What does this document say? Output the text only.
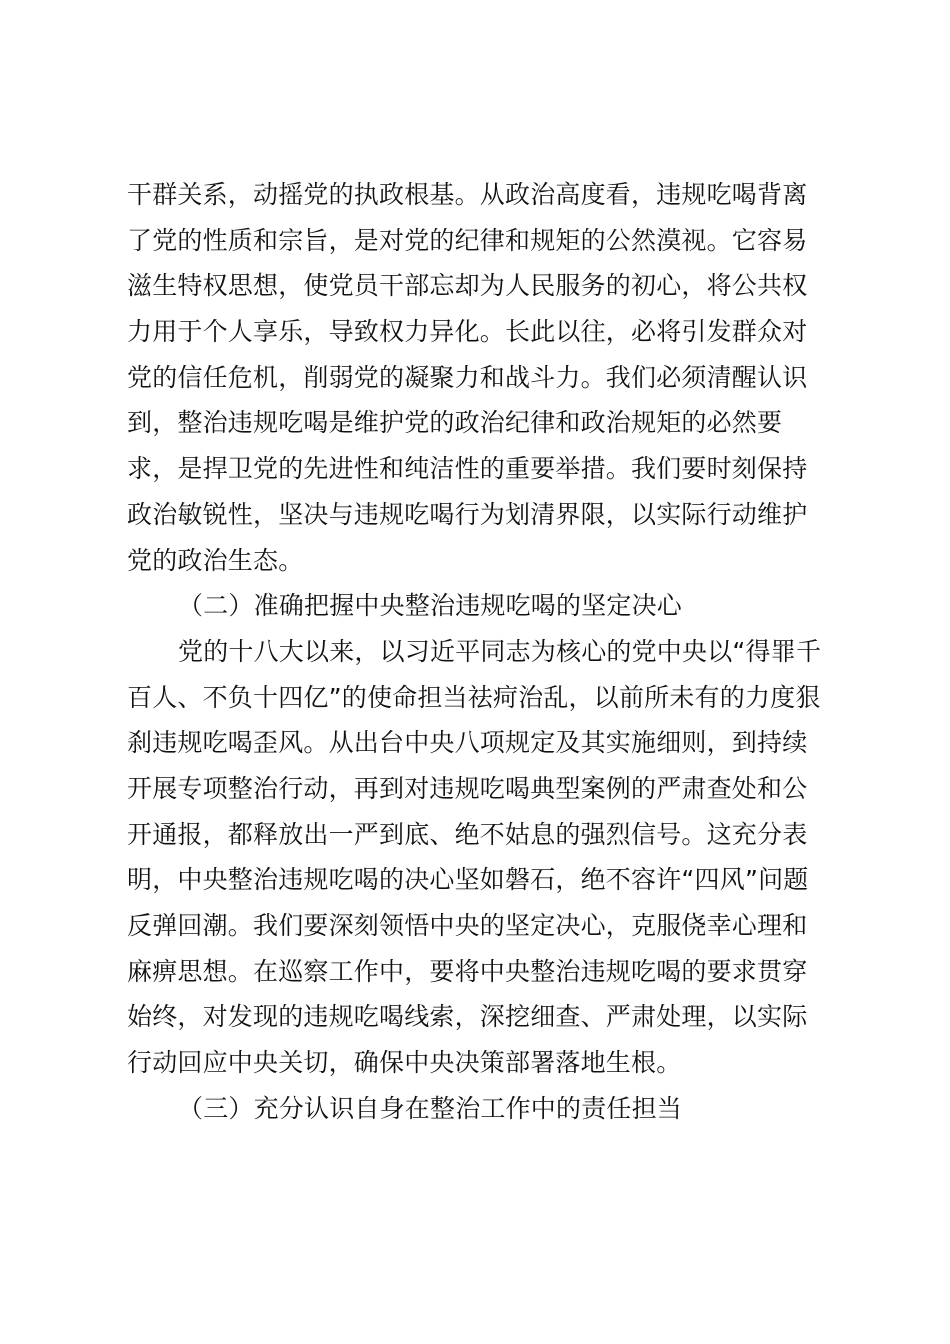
干群关系，动摇党的执政根基。从政治高度看，违规吃喝背离
了党的性质和宗旨，是对党的纪律和规矩的公然漠视。它容易
滋生特权思想，使党员干部忘却为人民服务的初心，将公共权
力用于个人享乐，导致权力异化。长此以往，必将引发群众对
党的信任危机，削弱党的凝聚力和战斗力。我们必须清醒认识
到，整治违规吃喝是维护党的政治纪律和政治规矩的必然要
求，是捍卫党的先进性和纯洁性的重要举措。我们要时刻保持
政治敏锐性，坚决与违规吃喝行为划清界限，以实际行动维护
党的政治生态。
（二）准确把握中央整治违规吃喝的坚定决心
党的十八大以来，以习近平同志为核心的党中央以“得罪千
百人、不负十四亿”的使命担当祛疴治乱，以前所未有的力度狠
刹违规吃喝歪风。从出台中央八项规定及其实施细则，到持续
开展专项整治行动，再到对违规吃喝典型案例的严肃查处和公
开通报，都释放出一严到底、绝不姑息的强烈信号。这充分表
明，中央整治违规吃喝的决心坚如磐石，绝不容许“四风”问题
反弹回潮。我们要深刻领悟中央的坚定决心，克服侥幸心理和
麻痹思想。在巡察工作中，要将中央整治违规吃喝的要求贯穿
始终，对发现的违规吃喝线索，深挖细查、严肃处理，以实际
行动回应中央关切，确保中央决策部署落地生根。
（三）充分认识自身在整治工作中的责任担当
